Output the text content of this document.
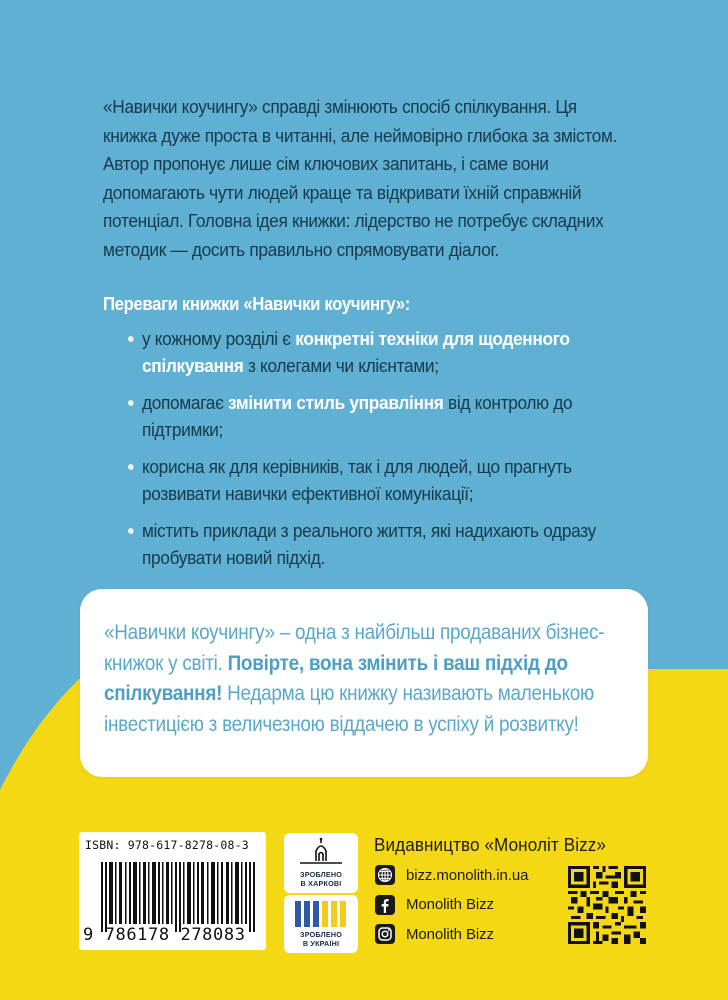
«Навички коучингу» справді змінюють спосіб спілкування. Ця книжка дуже проста в читанні, але неймовірно глибока за змістом. Автор пропонує лише сім ключових запитань, і саме вони допомагають чути людей краще та відкривати їхній справжній потенціал. Головна ідея книжки: лідерство не потребує складних методик — досить правильно спрямовувати діалог.

Переваги книжки «Навички коучингу»:
у кожному розділі є конкретні техніки для щоденного спілкування з колегами чи клієнтами;
допомагає змінити стиль управління від контролю до підтримки;
корисна як для керівників, так і для людей, що прагнуть розвивати навички ефективної комунікації;
містить приклади з реального життя, які надихають одразу пробувати новий підхід.

«Навички коучингу» – одна з найбільш продаваних бізнес-книжок у світі. Повірте, вона змінить і ваш підхід до спілкування! Недарма цю книжку називають маленькою інвестицією з величезною віддачею в успіху й розвитку!

ISBN: 978-617-8278-08-3
9 786178 278083
ЗРОБЛЕНО
В ХАРКОВІ
ЗРОБЛЕНО
В УКРАЇНІ
Видавництво «Моноліт Bizz»
bizz.monolith.in.ua
Monolith Bizz
Monolith Bizz
